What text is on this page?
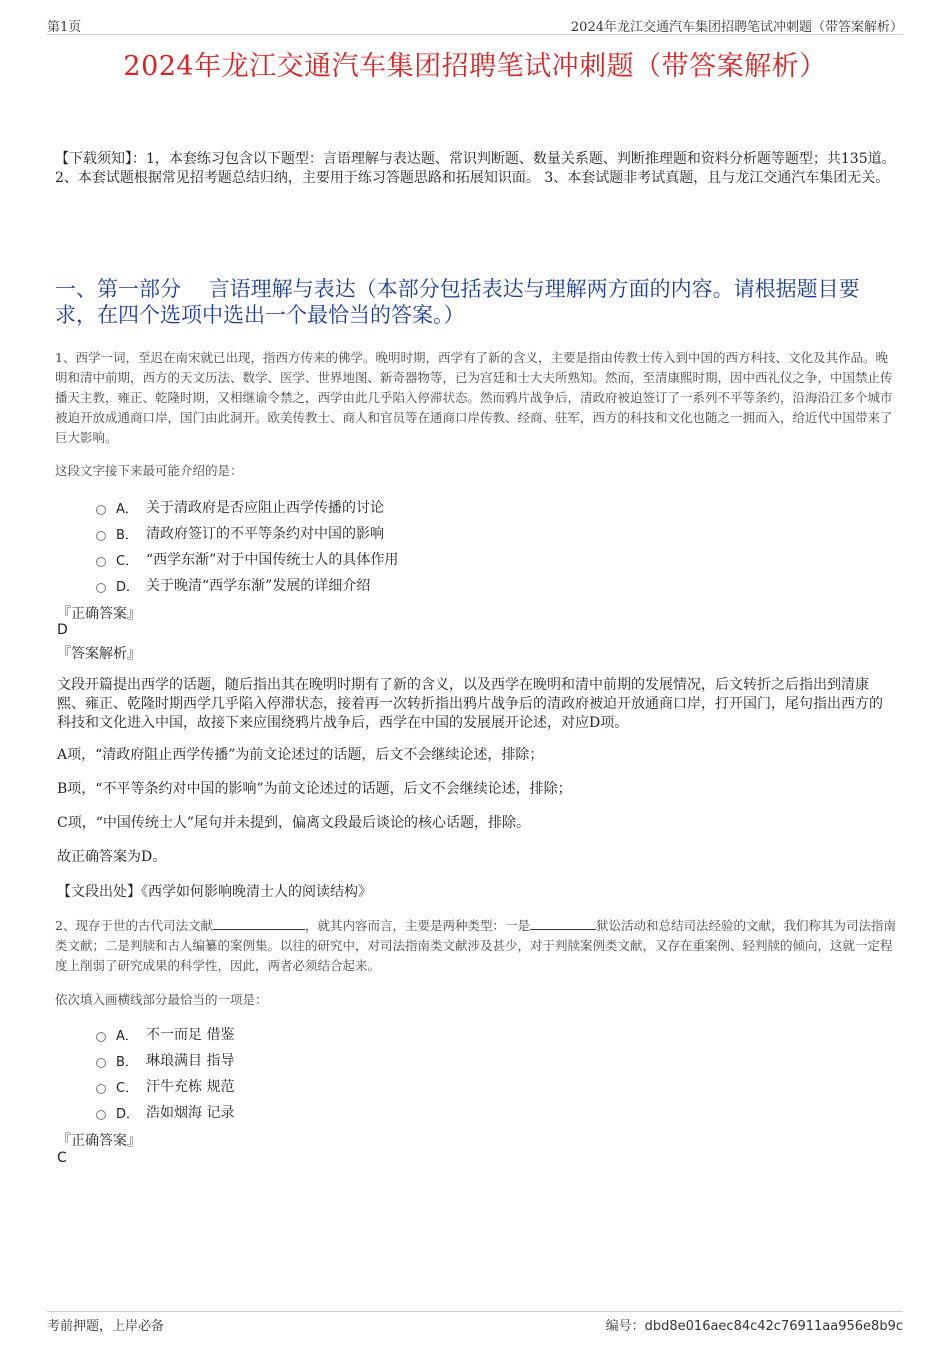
第1页	2024年龙江交通汽车集团招聘笔试冲刺题（带答案解析）
2024年龙江交通汽车集团招聘笔试冲刺题（带答案解析）
【下载须知】：1，本套练习包含以下题型：言语理解与表达题、常识判断题、数量关系题、判断推理题和资料分析题等题型；共135道。 2、本套试题根据常见招考题总结归纳，主要用于练习答题思路和拓展知识面。 3、本套试题非考试真题，且与龙江交通汽车集团无关。
一、第一部分　 言语理解与表达（本部分包括表达与理解两方面的内容。请根据题目要求，在四个选项中选出一个最恰当的答案。）
1、西学一词，至迟在南宋就已出现，指西方传来的佛学。晚明时期，西学有了新的含义，主要是指由传教士传入到中国的西方科技、文化及其作品。晚明和清中前期，西方的天文历法、数学、医学、世界地图、新奇器物等，已为宫廷和士大夫所熟知。然而，至清康熙时期，因中西礼仪之争，中国禁止传播天主教，雍正、乾隆时期，又相继谕令禁之，西学由此几乎陷入停滞状态。然而鸦片战争后，清政府被迫签订了一系列不平等条约，沿海沿江多个城市被迫开放成通商口岸，国门由此洞开。欧美传教士、商人和官员等在通商口岸传教、经商、驻军，西方的科技和文化也随之一拥而入，给近代中国带来了巨大影响。
这段文字接下来最可能介绍的是：
A． 关于清政府是否应阻止西学传播的讨论
B． 清政府签订的不平等条约对中国的影响
C． “西学东渐”对于中国传统士人的具体作用
D． 关于晚清“西学东渐”发展的详细介绍
『正确答案』
D
『答案解析』
文段开篇提出西学的话题，随后指出其在晚明时期有了新的含义，以及西学在晚明和清中前期的发展情况，后文转折之后指出到清康熙、雍正、乾隆时期西学几乎陷入停滞状态，接着再一次转折指出鸦片战争后的清政府被迫开放通商口岸，打开国门，尾句指出西方的科技和文化进入中国，故接下来应围绕鸦片战争后，西学在中国的发展展开论述，对应D项。
A项，“清政府阻止西学传播”为前文论述过的话题，后文不会继续论述，排除；
B项，“不平等条约对中国的影响”为前文论述过的话题，后文不会继续论述，排除；
C项，“中国传统士人”尾句并未提到，偏离文段最后谈论的核心话题，排除。
故正确答案为D。
【文段出处】《西学如何影响晚清士人的阅读结构》
2、现存于世的古代司法文献	，就其内容而言，主要是两种类型：一是	狱讼活动和总结司法经验的文献，我们称其为司法指南类文献；二是判牍和古人编纂的案例集。以往的研究中，对司法指南类文献涉及甚少，对于判牍案例类文献，又存在重案例、轻判牍的倾向，这就一定程度上削弱了研究成果的科学性，因此，两者必须结合起来。
依次填入画横线部分最恰当的一项是：
A． 不一而足 借鉴
B． 琳琅满目 指导
C． 汗牛充栋 规范
D． 浩如烟海 记录
『正确答案』
C
考前押题，上岸必备	编号：dbd8e016aec84c42c76911aa956e8b9c
